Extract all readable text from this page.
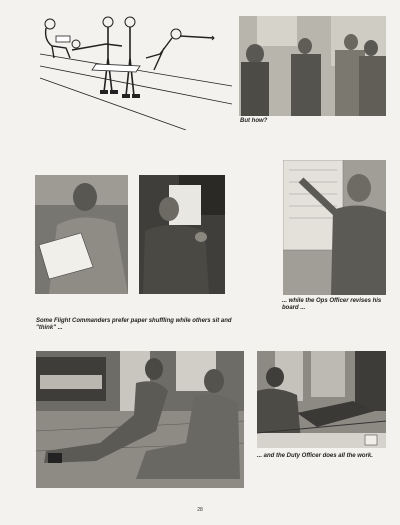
But how?
... while the Ops Officer revises his board ...
Some Flight Commanders prefer paper shuffling while others sit and "think" ...
... and the Duty Officer does all the work.
28
